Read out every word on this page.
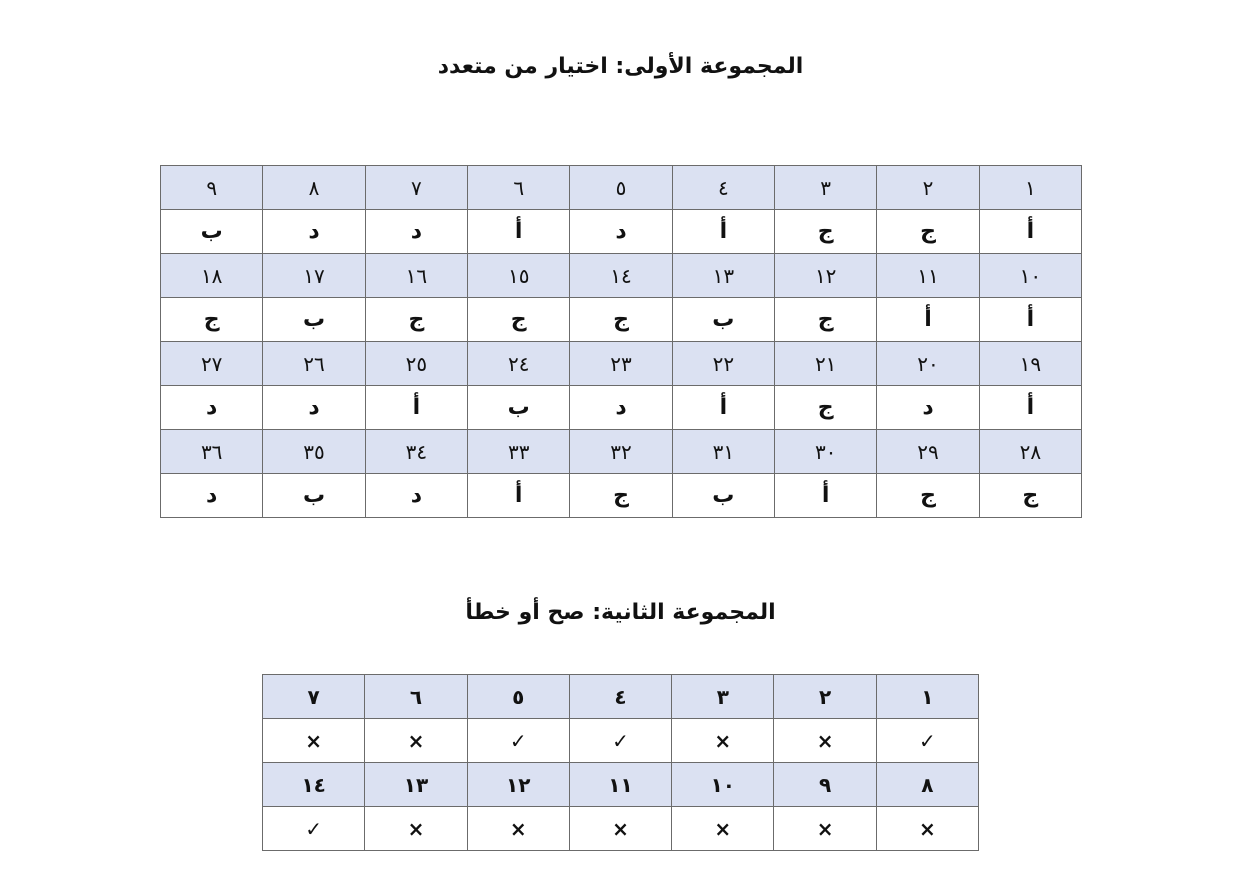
المجموعة الأولى: اختيار من متعدد
١	٢	٣	٤	٥	٦	٧	٨	٩
أ	ج	ج	أ	د	أ	د	د	ب
١٠	١١	١٢	١٣	١٤	١٥	١٦	١٧	١٨
أ	أ	ج	ب	ج	ج	ج	ب	ج
١٩	٢٠	٢١	٢٢	٢٣	٢٤	٢٥	٢٦	٢٧
أ	د	ج	أ	د	ب	أ	د	د
٢٨	٢٩	٣٠	٣١	٣٢	٣٣	٣٤	٣٥	٣٦
ج	ج	أ	ب	ج	أ	د	ب	د
المجموعة الثانية: صح أو خطأ
١	٢	٣	٤	٥	٦	٧
✓	×	×	✓	✓	×	×
٨	٩	١٠	١١	١٢	١٣	١٤
×	×	×	×	×	×	✓
